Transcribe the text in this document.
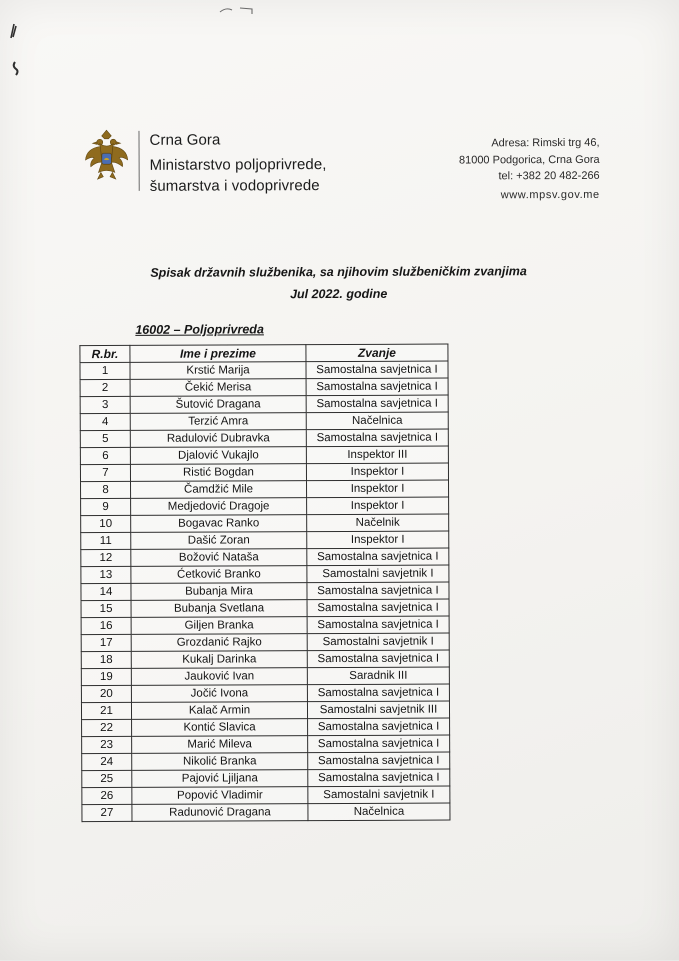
Crna Gora
Ministarstvo poljoprivrede,
šumarstva i vodoprivrede
Adresa: Rimski trg 46,
81000 Podgorica, Crna Gora
tel: +382 20 482-266
www.mpsv.gov.me
Spisak državnih službenika, sa njihovim službeničkim zvanjima
Jul 2022. godine
16002 – Poljoprivreda
R.br.	Ime i prezime	Zvanje
1	Krstić Marija	Samostalna savjetnica I
2	Čekić Merisa	Samostalna savjetnica I
3	Šutović Dragana	Samostalna savjetnica I
4	Terzić Amra	Načelnica
5	Radulović Dubravka	Samostalna savjetnica I
6	Djalović Vukajlo	Inspektor III
7	Ristić Bogdan	Inspektor I
8	Čamdžić Mile	Inspektor I
9	Medjedović Dragoje	Inspektor I
10	Bogavac Ranko	Načelnik
11	Dašić Zoran	Inspektor I
12	Božović Nataša	Samostalna savjetnica I
13	Ćetković Branko	Samostalni savjetnik I
14	Bubanja Mira	Samostalna savjetnica I
15	Bubanja Svetlana	Samostalna savjetnica I
16	Giljen Branka	Samostalna savjetnica I
17	Grozdanić Rajko	Samostalni savjetnik I
18	Kukalj Darinka	Samostalna savjetnica I
19	Jauković Ivan	Saradnik III
20	Jočić Ivona	Samostalna savjetnica I
21	Kalač Armin	Samostalni savjetnik III
22	Kontić Slavica	Samostalna savjetnica I
23	Marić Mileva	Samostalna savjetnica I
24	Nikolić Branka	Samostalna savjetnica I
25	Pajović Ljiljana	Samostalna savjetnica I
26	Popović Vladimir	Samostalni savjetnik I
27	Radunović Dragana	Načelnica
